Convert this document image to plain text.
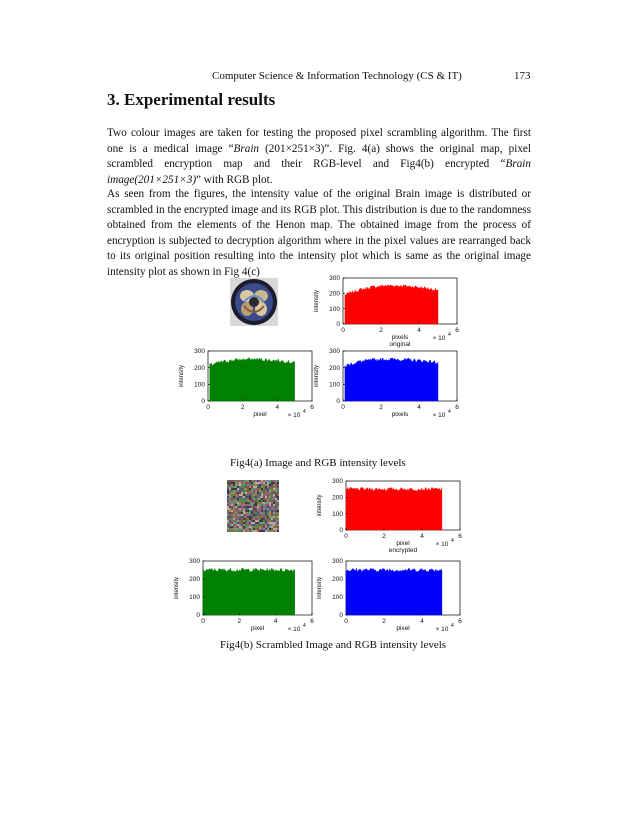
Computer Science & Information Technology (CS & IT)	173
3. Experimental results
Two colour images are taken for testing the proposed pixel scrambling algorithm. The first one is a medical image “Brain (201×251×3)”. Fig. 4(a) shows the original map, pixel scrambled encryption map and their RGB-level and Fig4(b) encrypted “Brain image(201×251×3)” with RGB plot.
As seen from the figures, the intensity value of the original Brain image is distributed or scrambled in the encrypted image and its RGB plot. This distribution is due to the randomness obtained from the elements of the Henon map. The obtained image from the process of encryption is subjected to decryption algorithm where in the pixel values are rearranged back to its original position resulting into the intensity plot which is same as the original image intensity plot as shown in Fig 4(c)
0	2	4	6
0
100
200
300
intensity
pixels
original
× 10 4
0	2	4	6
0
100
200
300
intensity
pixel	× 10 4
0	2	4	6
0
100
200
300
intensity
pixels	× 10 4
Fig4(a) Image and RGB intensity levels
0	2	4	6
0
100
200
300
intensity
pixel
encrypted
× 10 4
0	2	4	6
0
100
200
300
intensity
pixel	× 10 4
0	2	4	6
0
100
200
300
intensity
pixel	× 10 4
Fig4(b) Scrambled Image and RGB intensity levels
